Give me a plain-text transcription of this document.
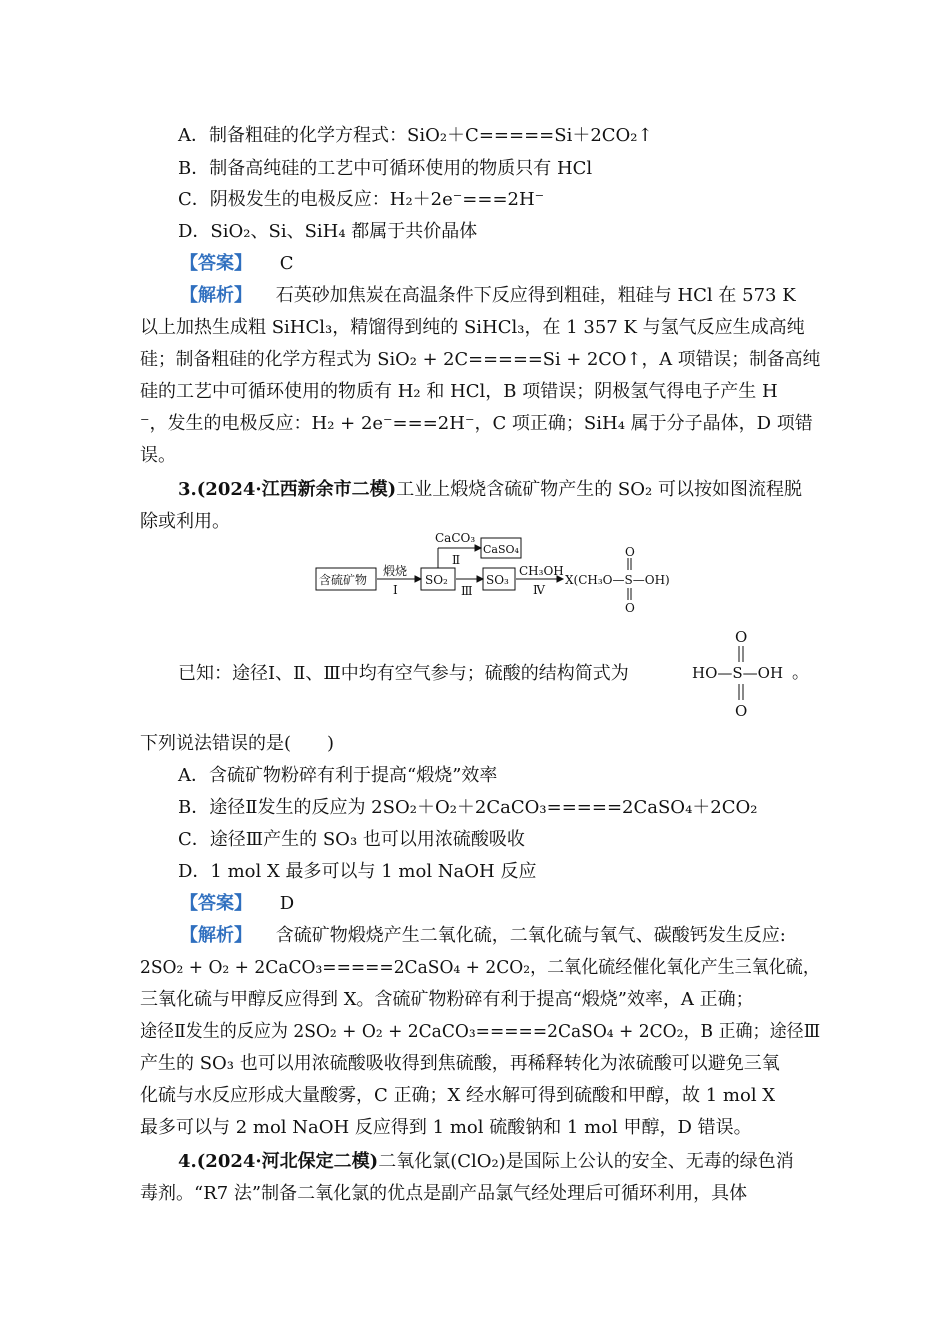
A．制备粗硅的化学方程式：SiO₂＋C=====Si＋2CO₂↑
B．制备高纯硅的工艺中可循环使用的物质只有 HCl
C．阴极发生的电极反应：H₂＋2e⁻===2H⁻
D．SiO₂、Si、SiH₄ 都属于共价晶体
【答案】 C
【解析】 石英砂加焦炭在高温条件下反应得到粗硅，粗硅与 HCl 在 573 K
以上加热生成粗 SiHCl₃，精馏得到纯的 SiHCl₃，在 1 357 K 与氢气反应生成高纯
硅；制备粗硅的化学方程式为 SiO₂ + 2C=====Si + 2CO↑，A 项错误；制备高纯
硅的工艺中可循环使用的物质有 H₂ 和 HCl，B 项错误；阴极氢气得电子产生 H
⁻，发生的电极反应：H₂ + 2e⁻===2H⁻，C 项正确；SiH₄ 属于分子晶体，D 项错
误。
3.(2024·江西新余市二模)工业上煅烧含硫矿物产生的 SO₂ 可以按如图流程脱
除或利用。
含硫矿物
煅烧
Ⅰ
SO₂
CaCO₃
Ⅱ
CaSO₄
Ⅲ
SO₃
CH₃OH
Ⅳ
X(CH₃O—S—OH)
O
O
已知：途径Ⅰ、Ⅱ、Ⅲ中均有空气参与；硫酸的结构简式为
O
HO—S—OH 。
O
下列说法错误的是(　　)
A．含硫矿物粉碎有利于提高“煅烧”效率
B．途径Ⅱ发生的反应为 2SO₂＋O₂＋2CaCO₃=====2CaSO₄＋2CO₂
C．途径Ⅲ产生的 SO₃ 也可以用浓硫酸吸收
D．1 mol X 最多可以与 1 mol NaOH 反应
【答案】 D
【解析】 含硫矿物煅烧产生二氧化硫，二氧化硫与氧气、碳酸钙发生反应:
2SO₂ + O₂ + 2CaCO₃=====2CaSO₄ + 2CO₂，二氧化硫经催化氧化产生三氧化硫，
三氧化硫与甲醇反应得到 X。含硫矿物粉碎有利于提高“煅烧”效率，A 正确；
途径Ⅱ发生的反应为 2SO₂ + O₂ + 2CaCO₃=====2CaSO₄ + 2CO₂，B 正确；途径Ⅲ
产生的 SO₃ 也可以用浓硫酸吸收得到焦硫酸，再稀释转化为浓硫酸可以避免三氧
化硫与水反应形成大量酸雾，C 正确；X 经水解可得到硫酸和甲醇，故 1 mol X
最多可以与 2 mol NaOH 反应得到 1 mol 硫酸钠和 1 mol 甲醇，D 错误。
4.(2024·河北保定二模)二氧化氯(ClO₂)是国际上公认的安全、无毒的绿色消
毒剂。“R7 法”制备二氧化氯的优点是副产品氯气经处理后可循环利用，具体
